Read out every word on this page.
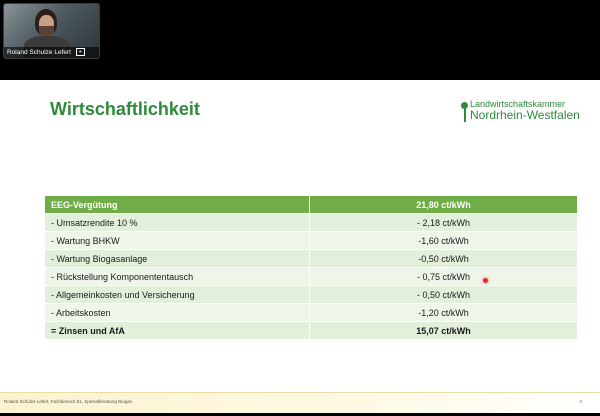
Roland Schulze Lefert ⌖
Wirtschaftlichkeit	Landwirtschaftskammer
Nordrhein-Westfalen
EEG-Vergütung	21,80 ct/kWh
- Umsatzrendite 10 %	- 2,18 ct/kWh
- Wartung BHKW	-1,60 ct/kWh
- Wartung Biogasanlage	-0,50 ct/kWh
- Rückstellung Komponententausch	- 0,75 ct/kWh
- Allgemeinkosten und Versicherung	- 0,50 ct/kWh
- Arbeitskosten	-1,20 ct/kWh
= Zinsen und AfA	15,07 ct/kWh
Roland Schulze Lefert, Fachbereich 51, Spezialberatung Biogas	9
